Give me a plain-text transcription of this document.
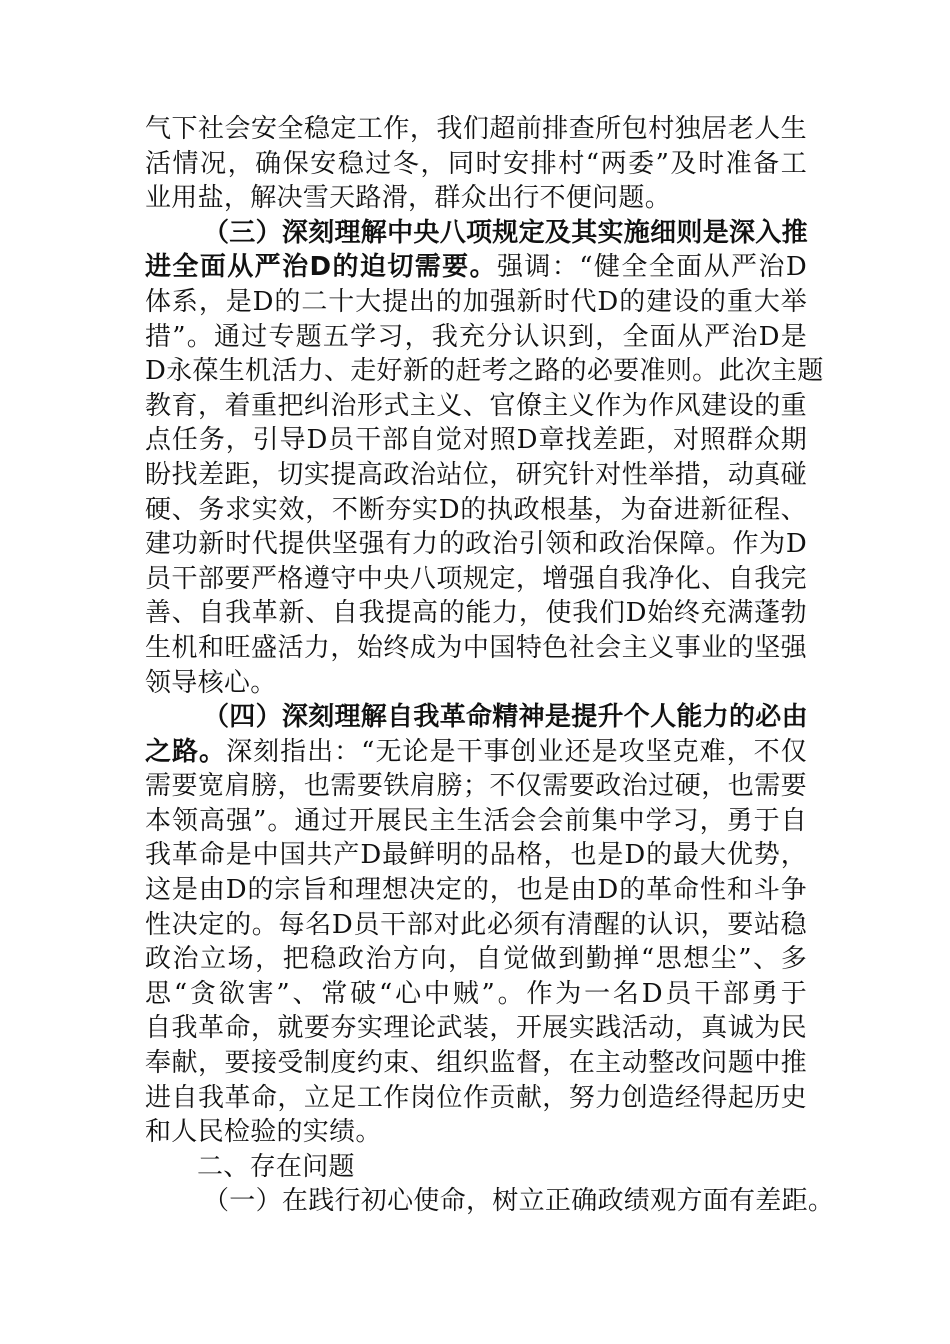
气下社会安全稳定工作，我们超前排查所包村独居老人生
活情况，确保安稳过冬，同时安排村“两委”及时准备工
业用盐，解决雪天路滑，群众出行不便问题。
（三）深刻理解中央八项规定及其实施细则是深入推
进全面从严治D的迫切需要。强调：“健全全面从严治D
体系，是D的二十大提出的加强新时代D的建设的重大举
措”。通过专题五学习，我充分认识到，全面从严治D是
D永葆生机活力、走好新的赶考之路的必要准则。此次主题
教育，着重把纠治形式主义、官僚主义作为作风建设的重
点任务，引导D员干部自觉对照D章找差距，对照群众期
盼找差距，切实提高政治站位，研究针对性举措，动真碰
硬、务求实效，不断夯实D的执政根基，为奋进新征程、
建功新时代提供坚强有力的政治引领和政治保障。作为D
员干部要严格遵守中央八项规定，增强自我净化、自我完
善、自我革新、自我提高的能力，使我们D始终充满蓬勃
生机和旺盛活力，始终成为中国特色社会主义事业的坚强
领导核心。
（四）深刻理解自我革命精神是提升个人能力的必由
之路。深刻指出：“无论是干事创业还是攻坚克难，不仅
需要宽肩膀，也需要铁肩膀；不仅需要政治过硬，也需要
本领高强”。通过开展民主生活会会前集中学习，勇于自
我革命是中国共产D最鲜明的品格，也是D的最大优势，
这是由D的宗旨和理想决定的，也是由D的革命性和斗争
性决定的。每名D员干部对此必须有清醒的认识，要站稳
政治立场，把稳政治方向，自觉做到勤掸“思想尘”、多
思“贪欲害”、常破“心中贼”。作为一名D员干部勇于
自我革命，就要夯实理论武装，开展实践活动，真诚为民
奉献，要接受制度约束、组织监督，在主动整改问题中推
进自我革命，立足工作岗位作贡献，努力创造经得起历史
和人民检验的实绩。
二、存在问题
（一）在践行初心使命，树立正确政绩观方面有差距。
